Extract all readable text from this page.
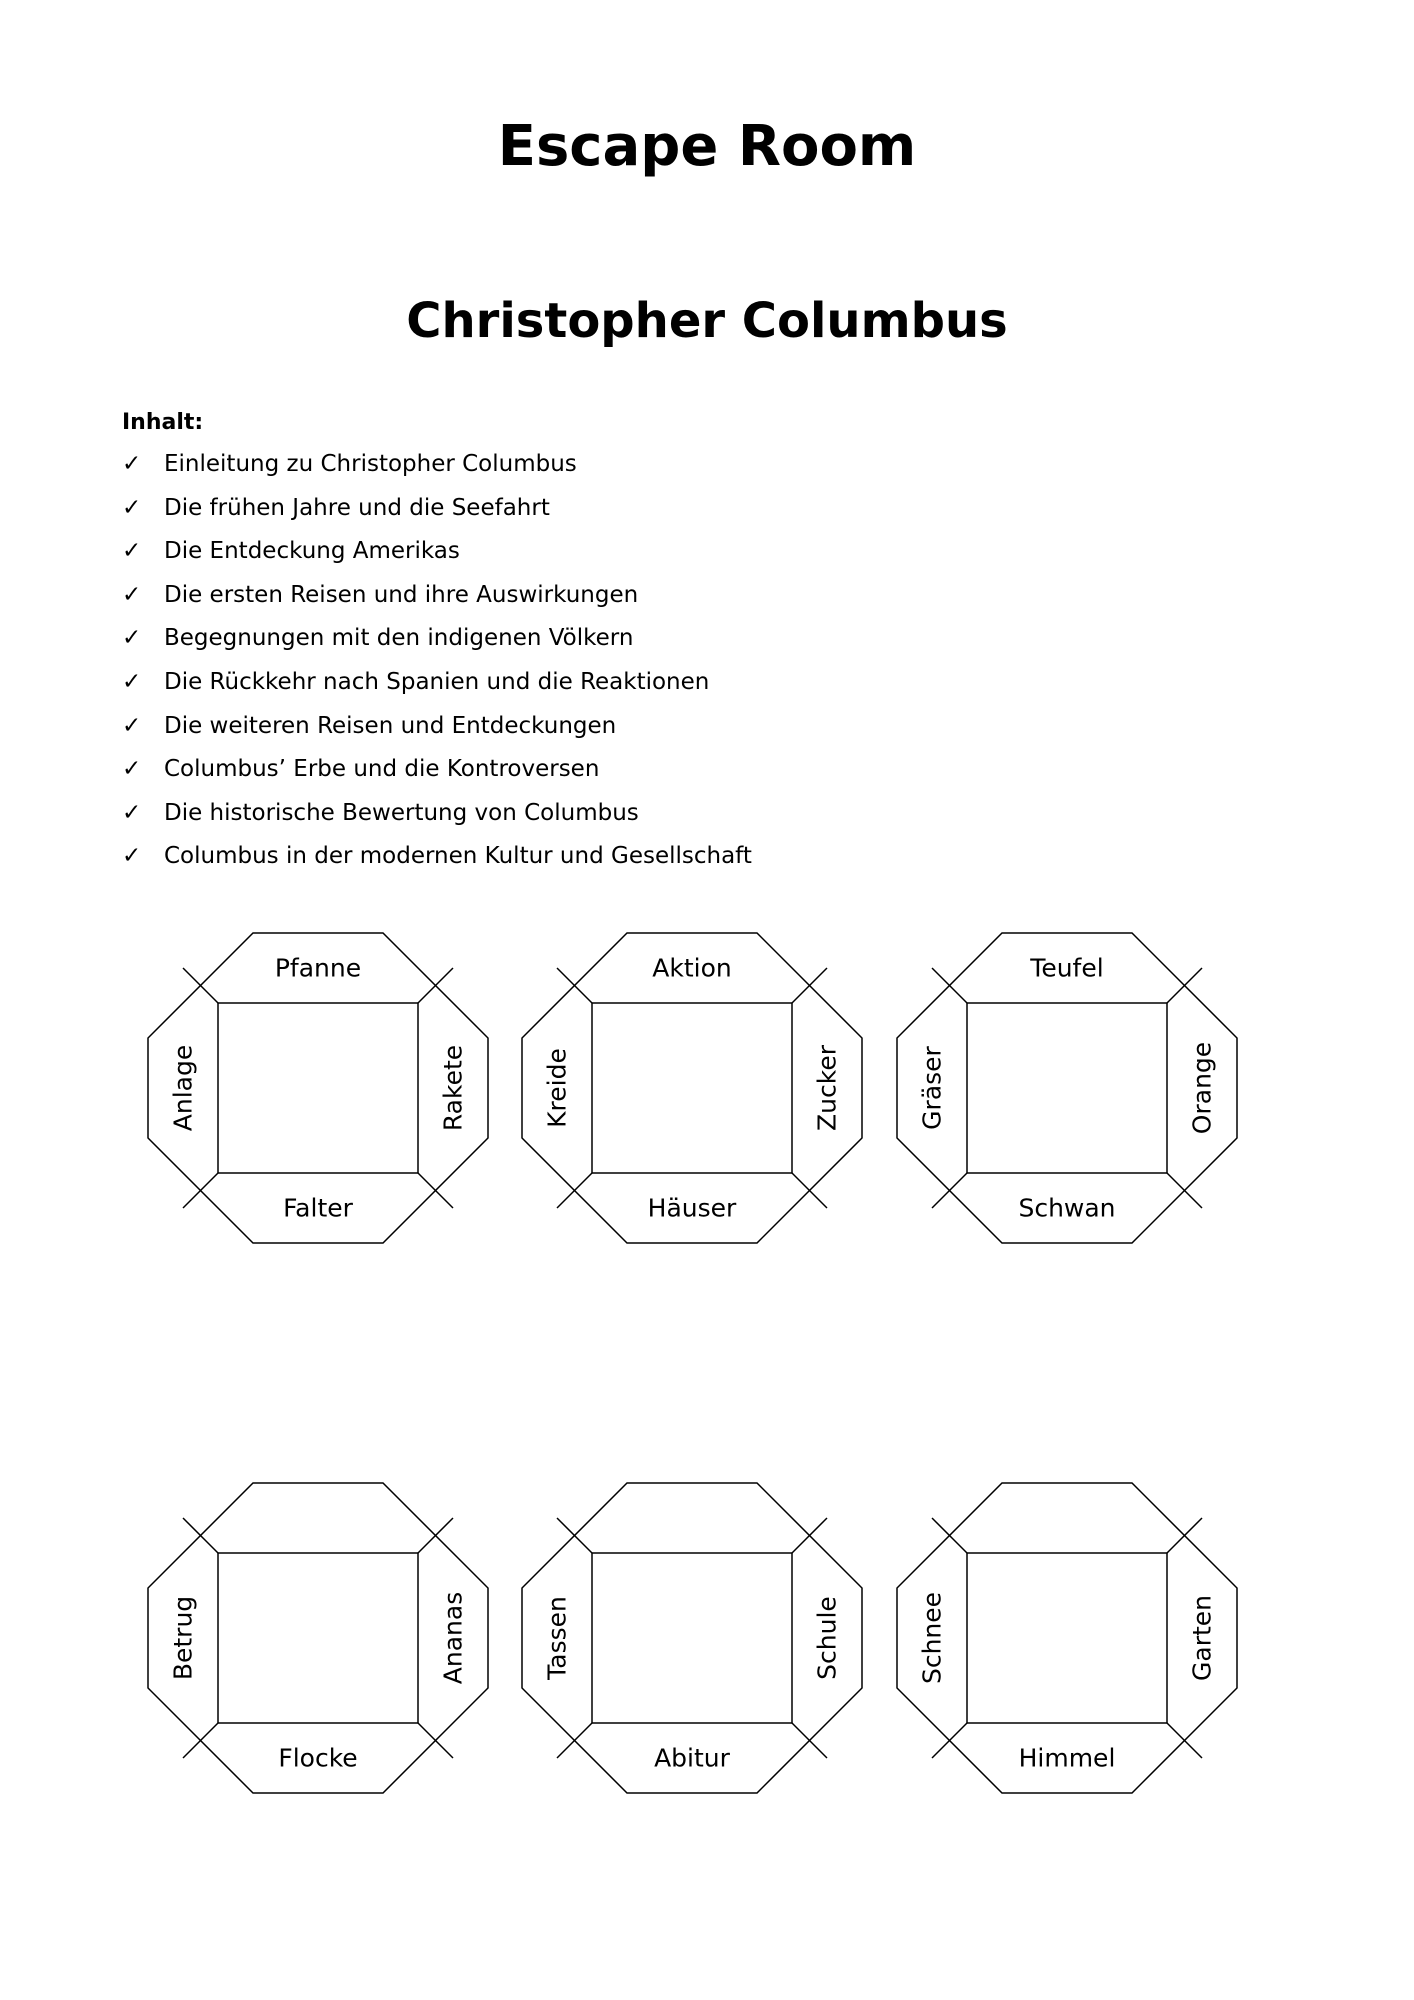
Escape Room
Christopher Columbus

Inhalt:

✓ Einleitung zu Christopher Columbus
✓ Die frühen Jahre und die Seefahrt
✓ Die Entdeckung Amerikas
✓ Die ersten Reisen und ihre Auswirkungen
✓ Begegnungen mit den indigenen Völkern
✓ Die Rückkehr nach Spanien und die Reaktionen
✓ Die weiteren Reisen und Entdeckungen
✓ Columbus’ Erbe und die Kontroversen
✓ Die historische Bewertung von Columbus
✓ Columbus in der modernen Kultur und Gesellschaft
Pfanne
Falter
Flocke
Anlage	Rakete
Betrug	Ananas
Aktion
Häuser
Abitur
Kreide	Zucker
Tassen	Schule
Teufel
Schwan
Himmel
Gräser	Orange
Schnee	Garten
